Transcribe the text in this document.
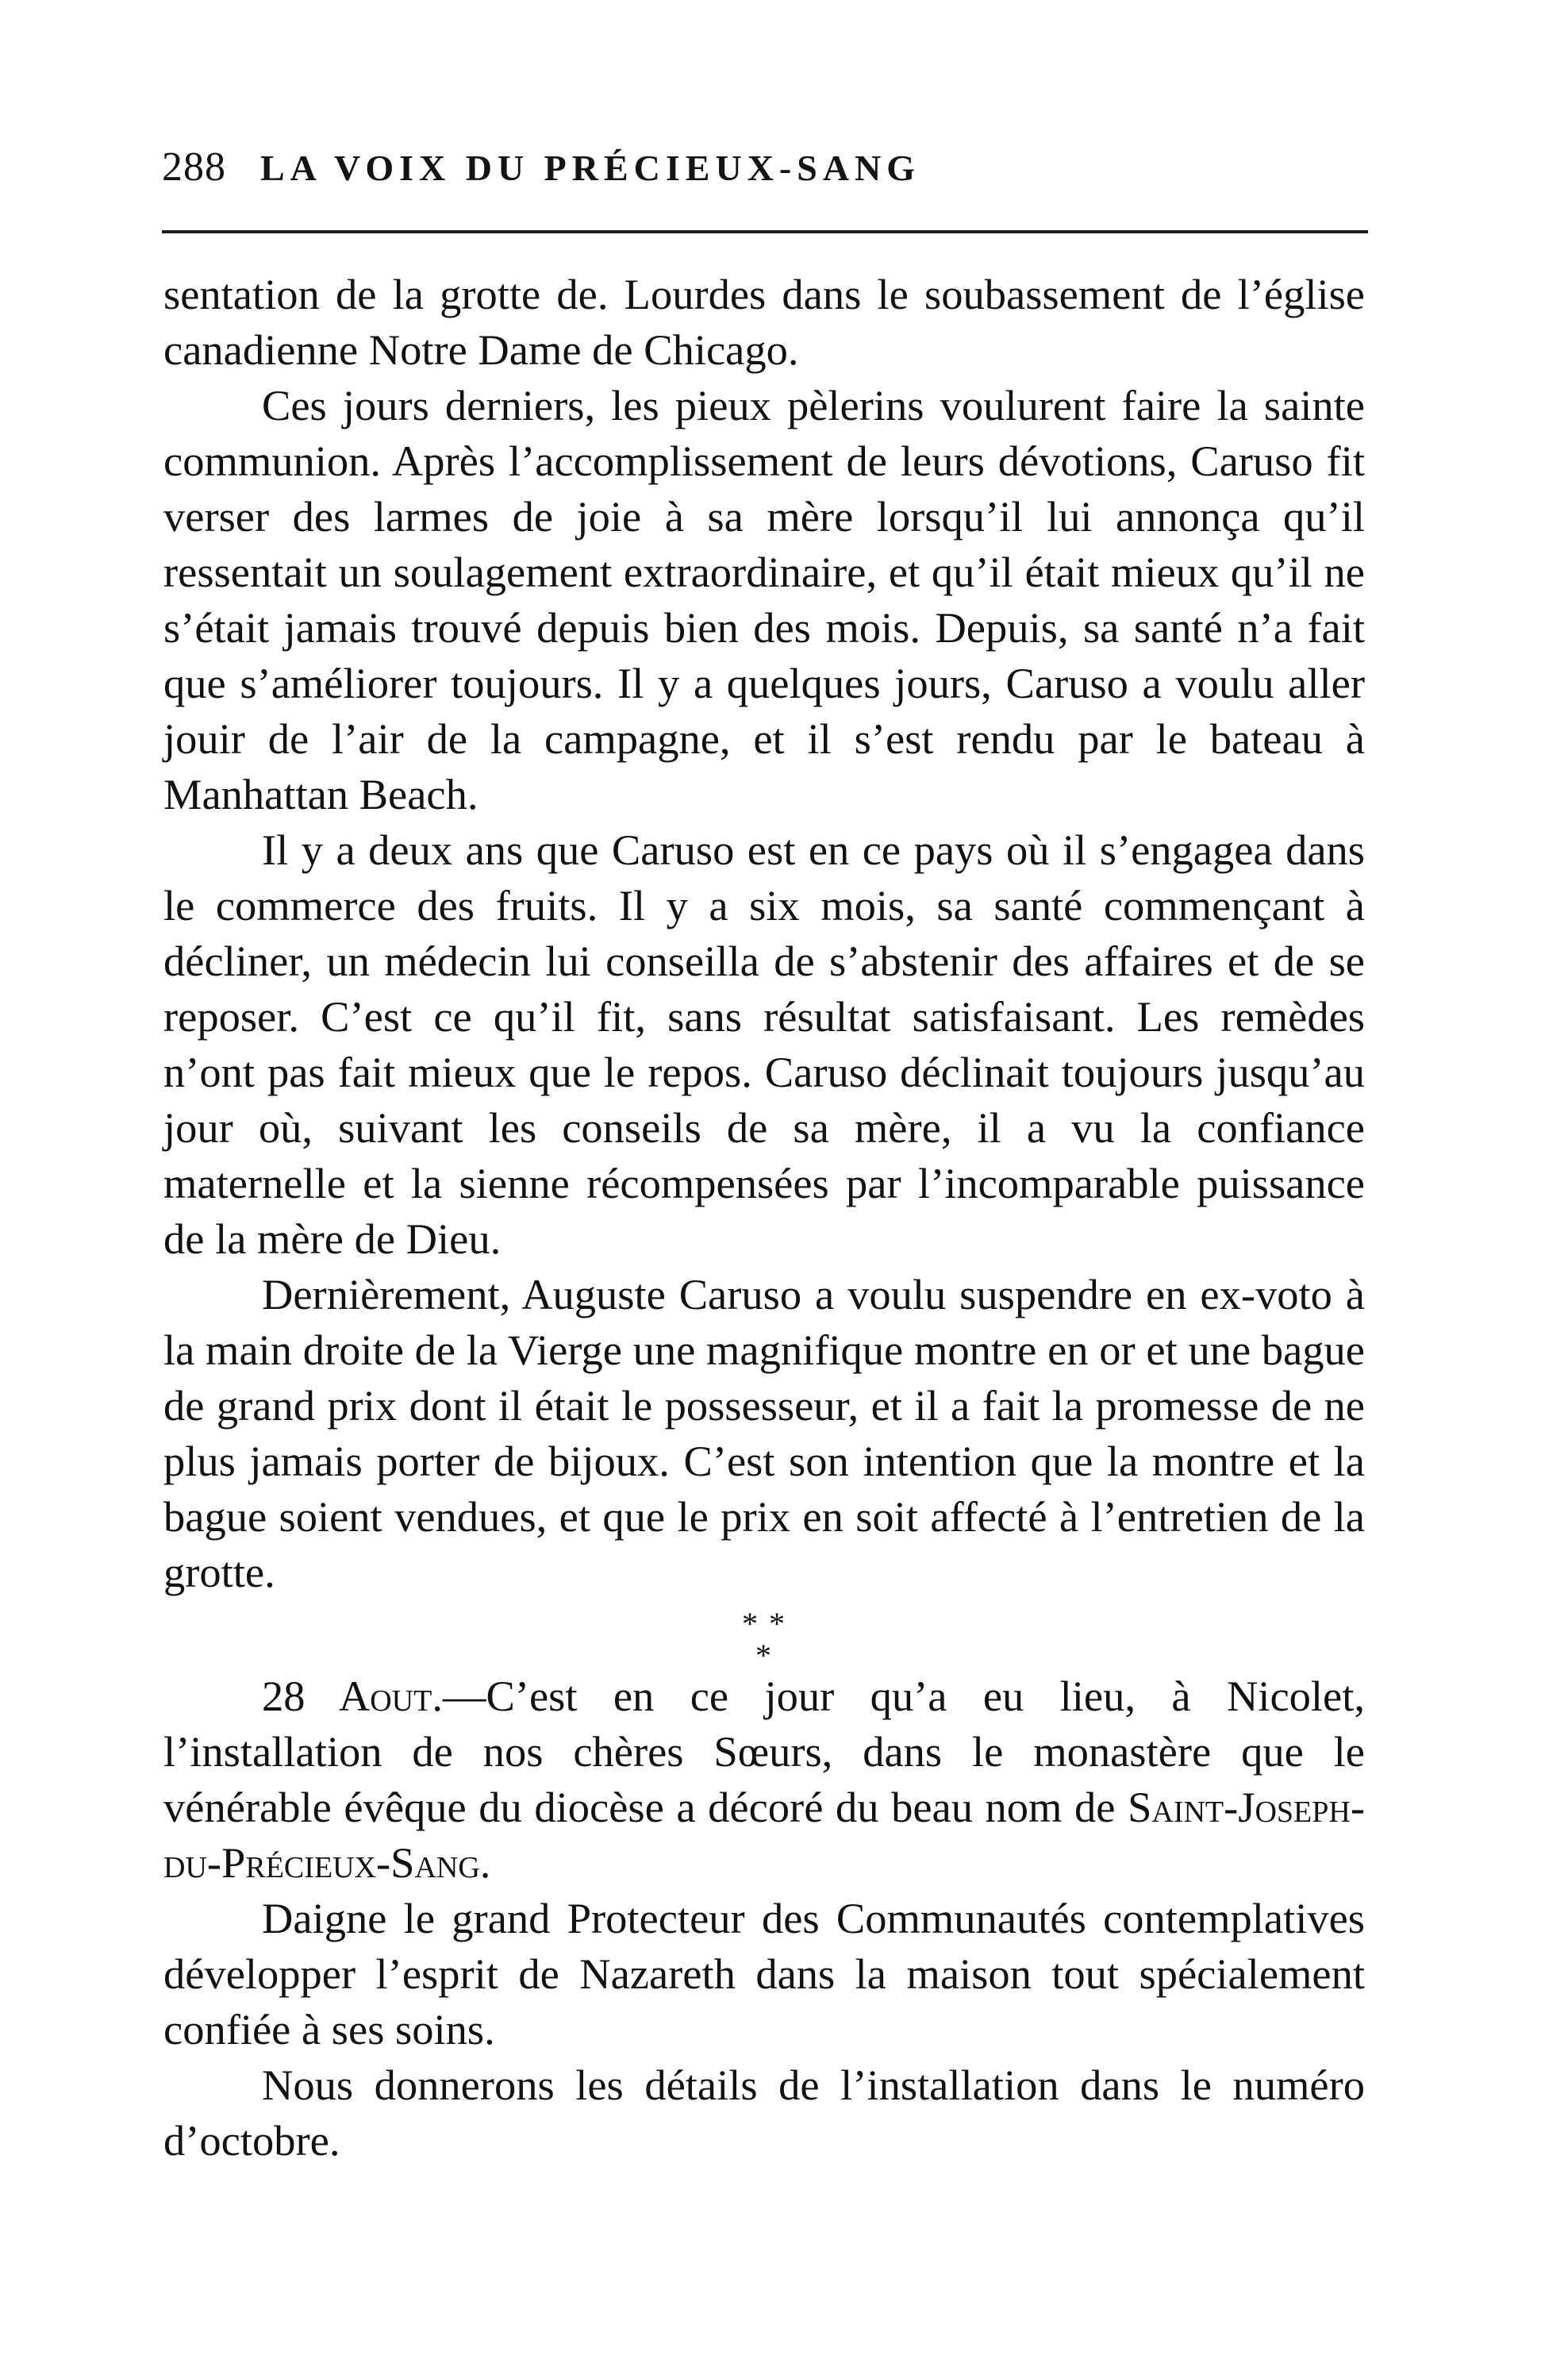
288 LA VOIX DU PRÉCIEUX-SANG

sentation de la grotte de. Lourdes dans le soubassement de l’église canadienne Notre Dame de Chicago.

Ces jours derniers, les pieux pèlerins voulurent faire la sainte communion. Après l’accomplissement de leurs dévotions, Caruso fit verser des larmes de joie à sa mère lorsqu’il lui annonça qu’il ressentait un soulagement extraordinaire, et qu’il était mieux qu’il ne s’était jamais trouvé depuis bien des mois. Depuis, sa santé n’a fait que s’améliorer toujours. Il y a quelques jours, Caruso a voulu aller jouir de l’air de la campagne, et il s’est rendu par le bateau à Manhattan Beach.

Il y a deux ans que Caruso est en ce pays où il s’engagea dans le commerce des fruits. Il y a six mois, sa santé commençant à décliner, un médecin lui conseilla de s’abstenir des affaires et de se reposer. C’est ce qu’il fit, sans résultat satisfaisant. Les remèdes n’ont pas fait mieux que le repos. Caruso déclinait toujours jusqu’au jour où, suivant les conseils de sa mère, il a vu la confiance maternelle et la sienne récompensées par l’incomparable puissance de la mère de Dieu.

Dernièrement, Auguste Caruso a voulu suspendre en ex-voto à la main droite de la Vierge une magnifique montre en or et une bague de grand prix dont il était le possesseur, et il a fait la promesse de ne plus jamais porter de bijoux. C’est son intention que la montre et la bague soient vendues, et que le prix en soit affecté à l’entretien de la grotte.

* *
*

28 Aout.—C’est en ce jour qu’a eu lieu, à Nicolet, l’installation de nos chères Sœurs, dans le monastère que le vénérable évêque du diocèse a décoré du beau nom de Saint-Joseph-du-Précieux-Sang.

Daigne le grand Protecteur des Communautés contemplatives développer l’esprit de Nazareth dans la maison tout spécialement confiée à ses soins.

Nous donnerons les détails de l’installation dans le numéro d’octobre.
